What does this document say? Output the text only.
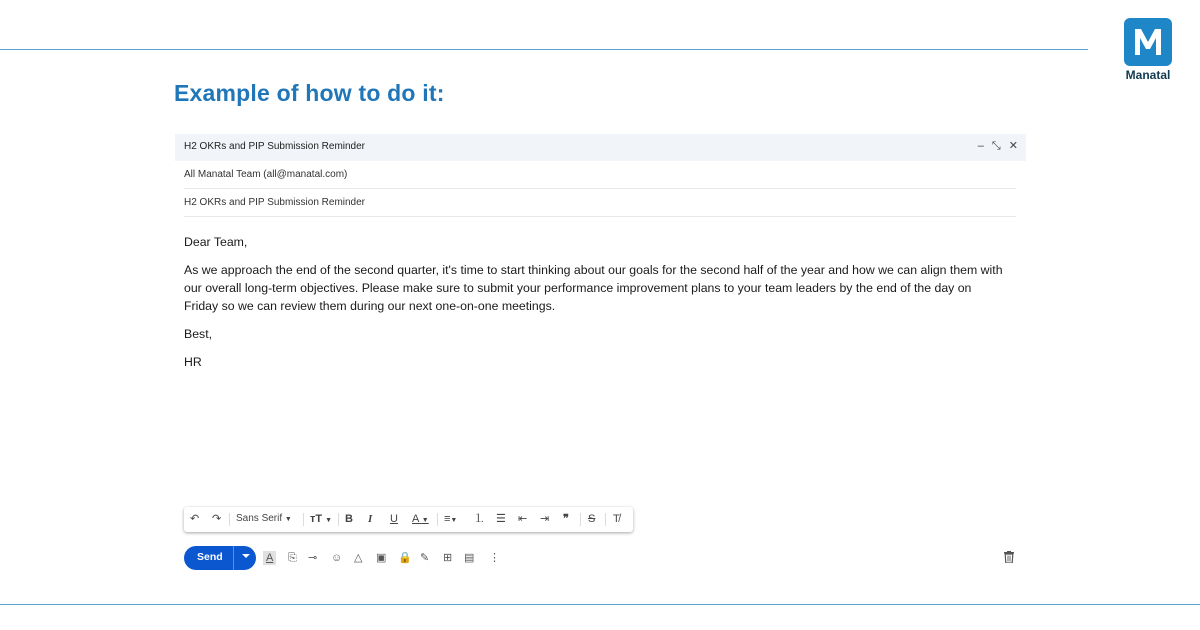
Manatal
Example of how to do it:
H2 OKRs and PIP Submission Reminder	‒ ⤡ ✕
All Manatal Team (all@manatal.com)
H2 OKRs and PIP Submission Reminder
Dear Team,
As we approach the end of the second quarter, it's time to start thinking about our goals for the second half of the year and how we can align them with
our overall long-term objectives. Please make sure to submit your performance improvement plans to your team leaders by the end of the day on
Friday so we can review them during our next one-on-one meetings.
Best,
HR
↶ ↷ Sans Serif ▼ тT ▼ B I U A ▼ ≡▼ ⒈ ☰ ⇤ ⇥ ❞ S T̸
Send	A ⎘ ⊸ ☺ △ ▣ 🔒 ✎ ⊞ ▤ ⋮
